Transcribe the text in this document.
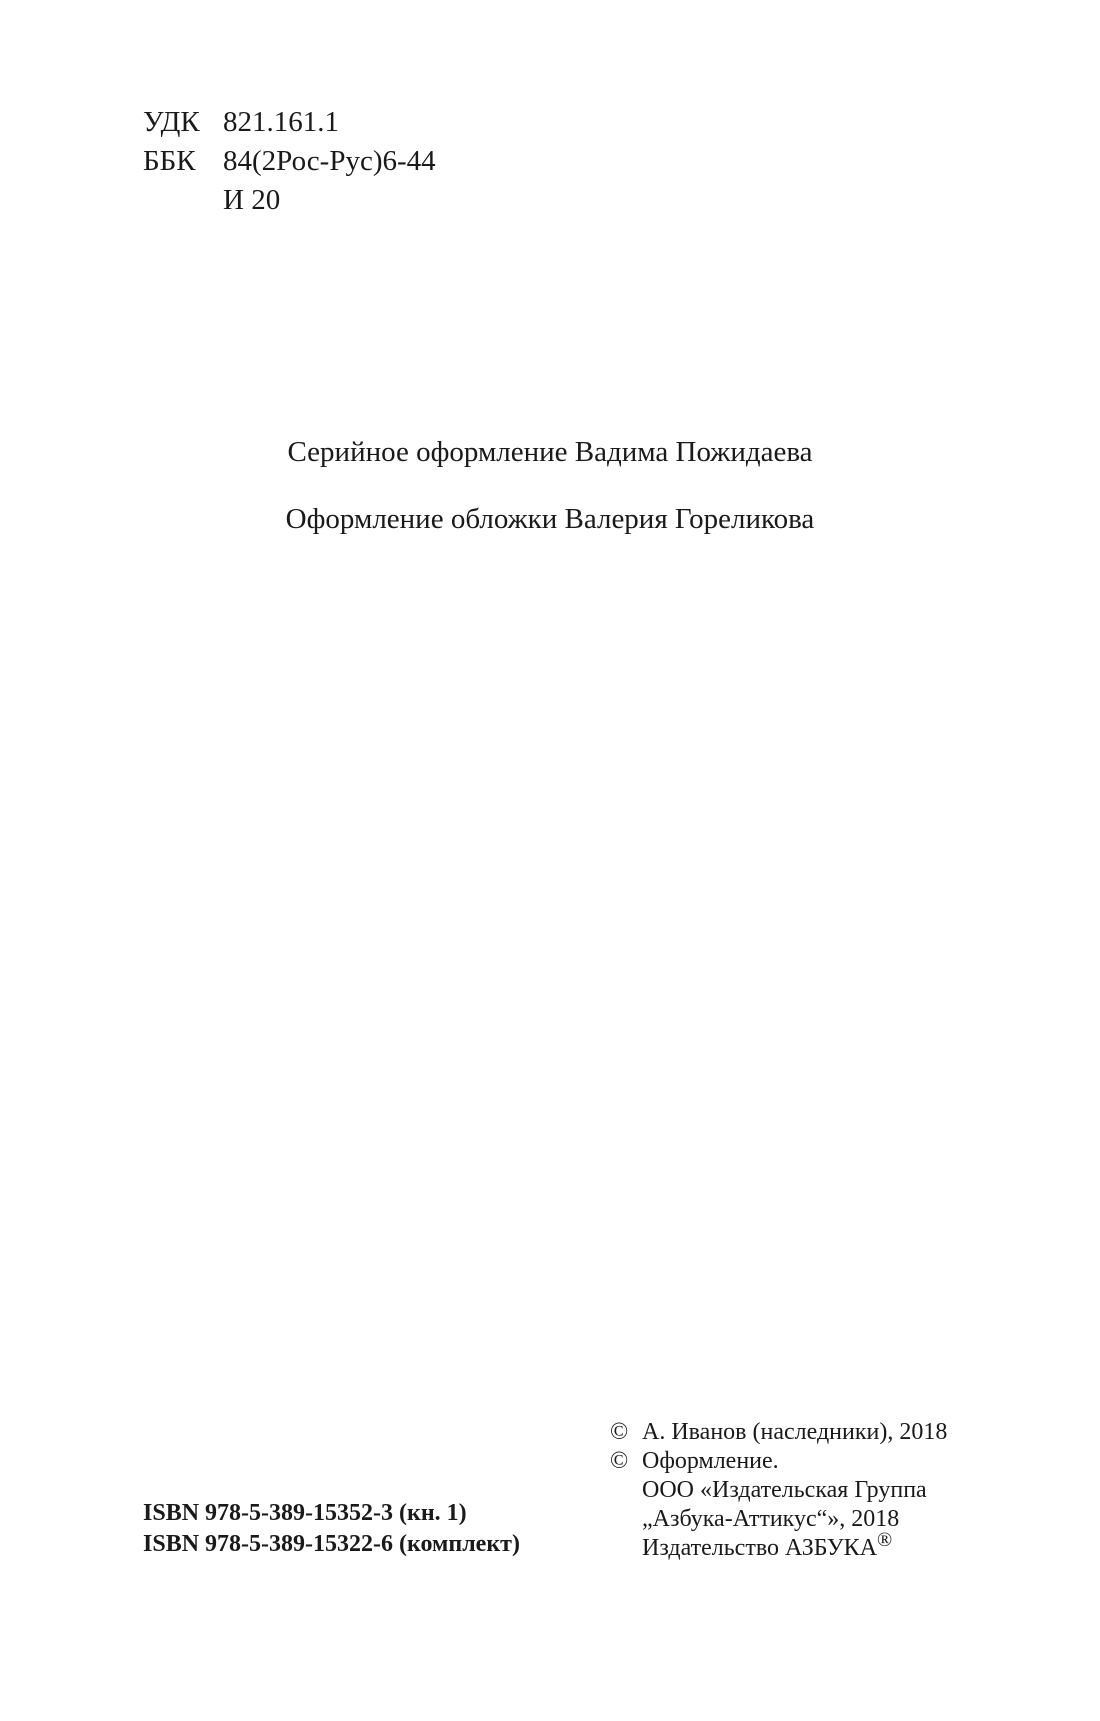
УДК 821.161.1
ББК 84(2Рос-Рус)6-44
И 20
Серийное оформление Вадима Пожидаева
Оформление обложки Валерия Гореликова
© А. Иванов (наследники), 2018
© Оформление.
ООО «Издательская Группа
„Азбука-Аттикус“», 2018
Издательство АЗБУКА®
ISBN 978-5-389-15352-3 (кн. 1)
ISBN 978-5-389-15322-6 (комплект)
